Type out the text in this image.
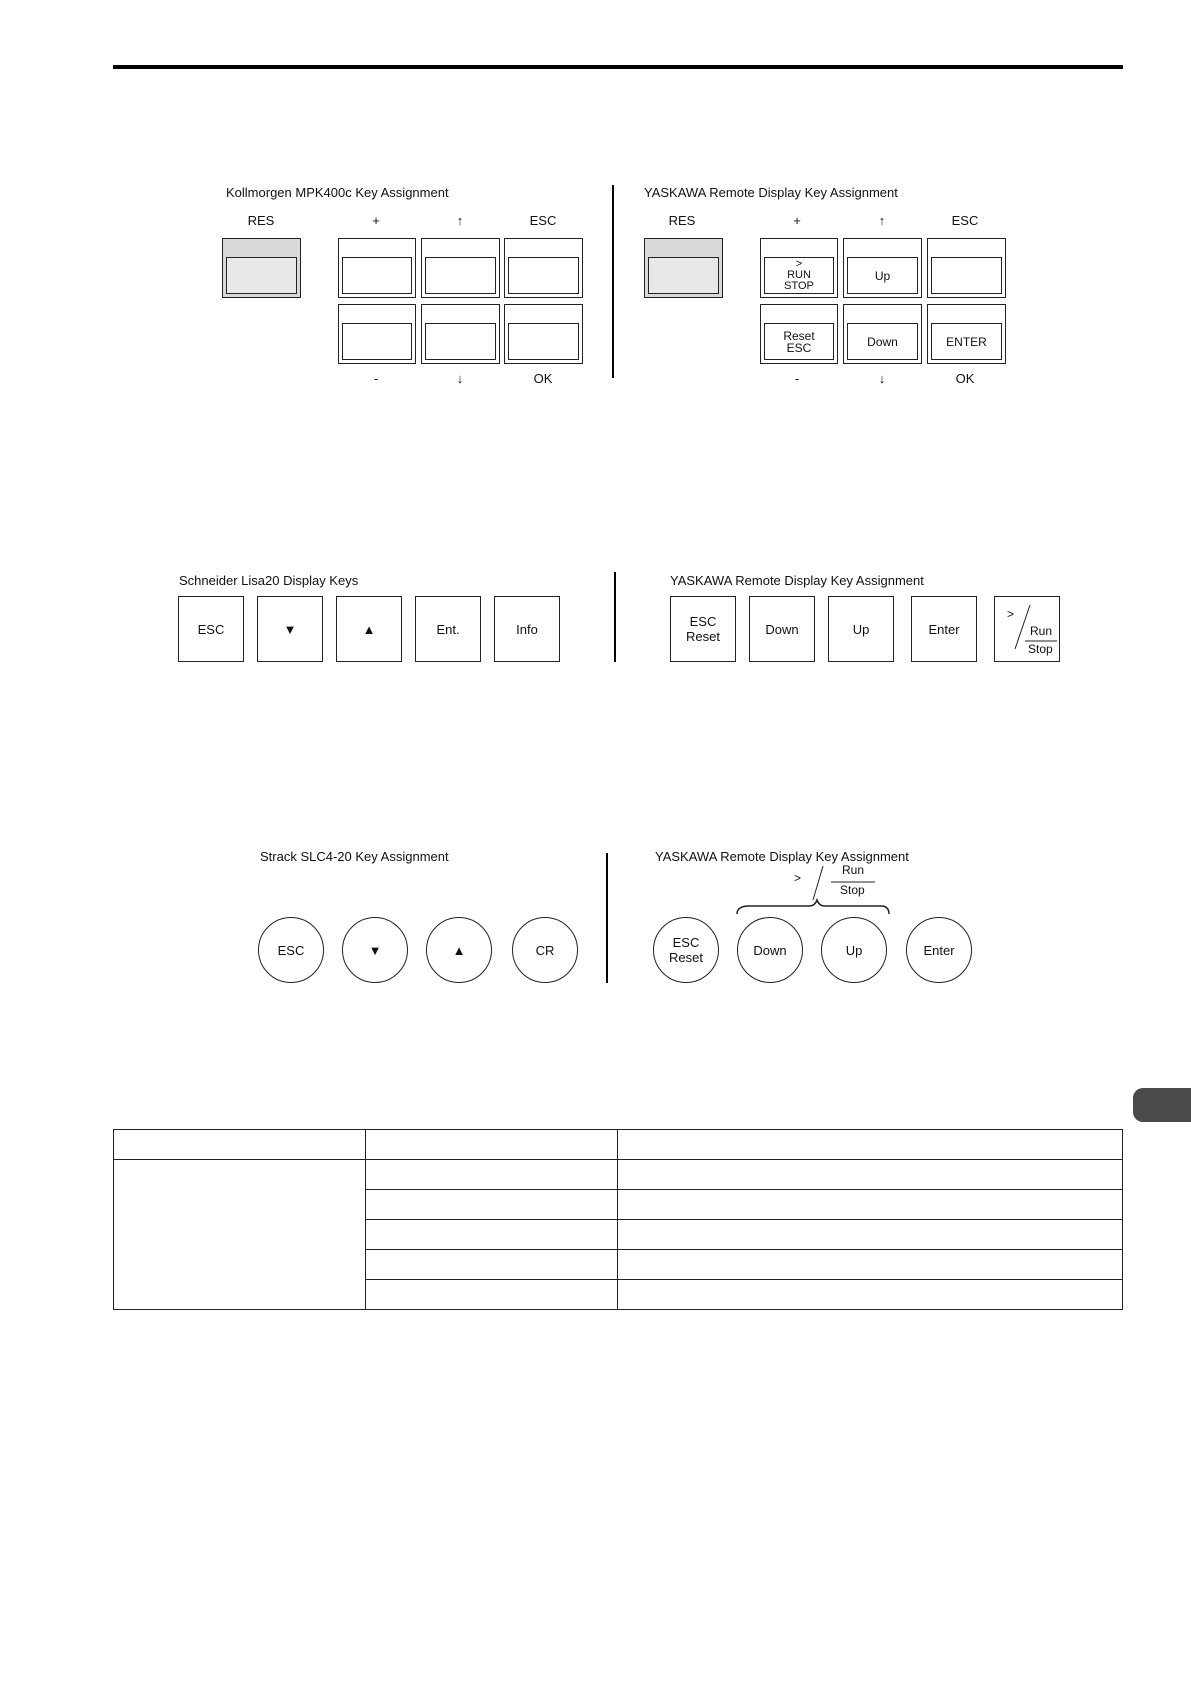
Kollmorgen MPK400c Key Assignment
RES	+	↑	ESC
-	↓	OK
YASKAWA Remote Display Key Assignment
RES	+	↑	ESC
>
RUN
STOP
Up
Reset
ESC	Down	ENTER
-	↓	OK
Schneider Lisa20 Display Keys
ESC	▼	▲	Ent.	Info
YASKAWA Remote Display Key Assignment
ESC
Reset	Down	Up	Enter
>
Run
Stop
Strack SLC4-20 Key Assignment
ESC	▼	▲	CR
YASKAWA Remote Display Key Assignment
>
Run
Stop
ESC
Reset	Down	Up	Enter
